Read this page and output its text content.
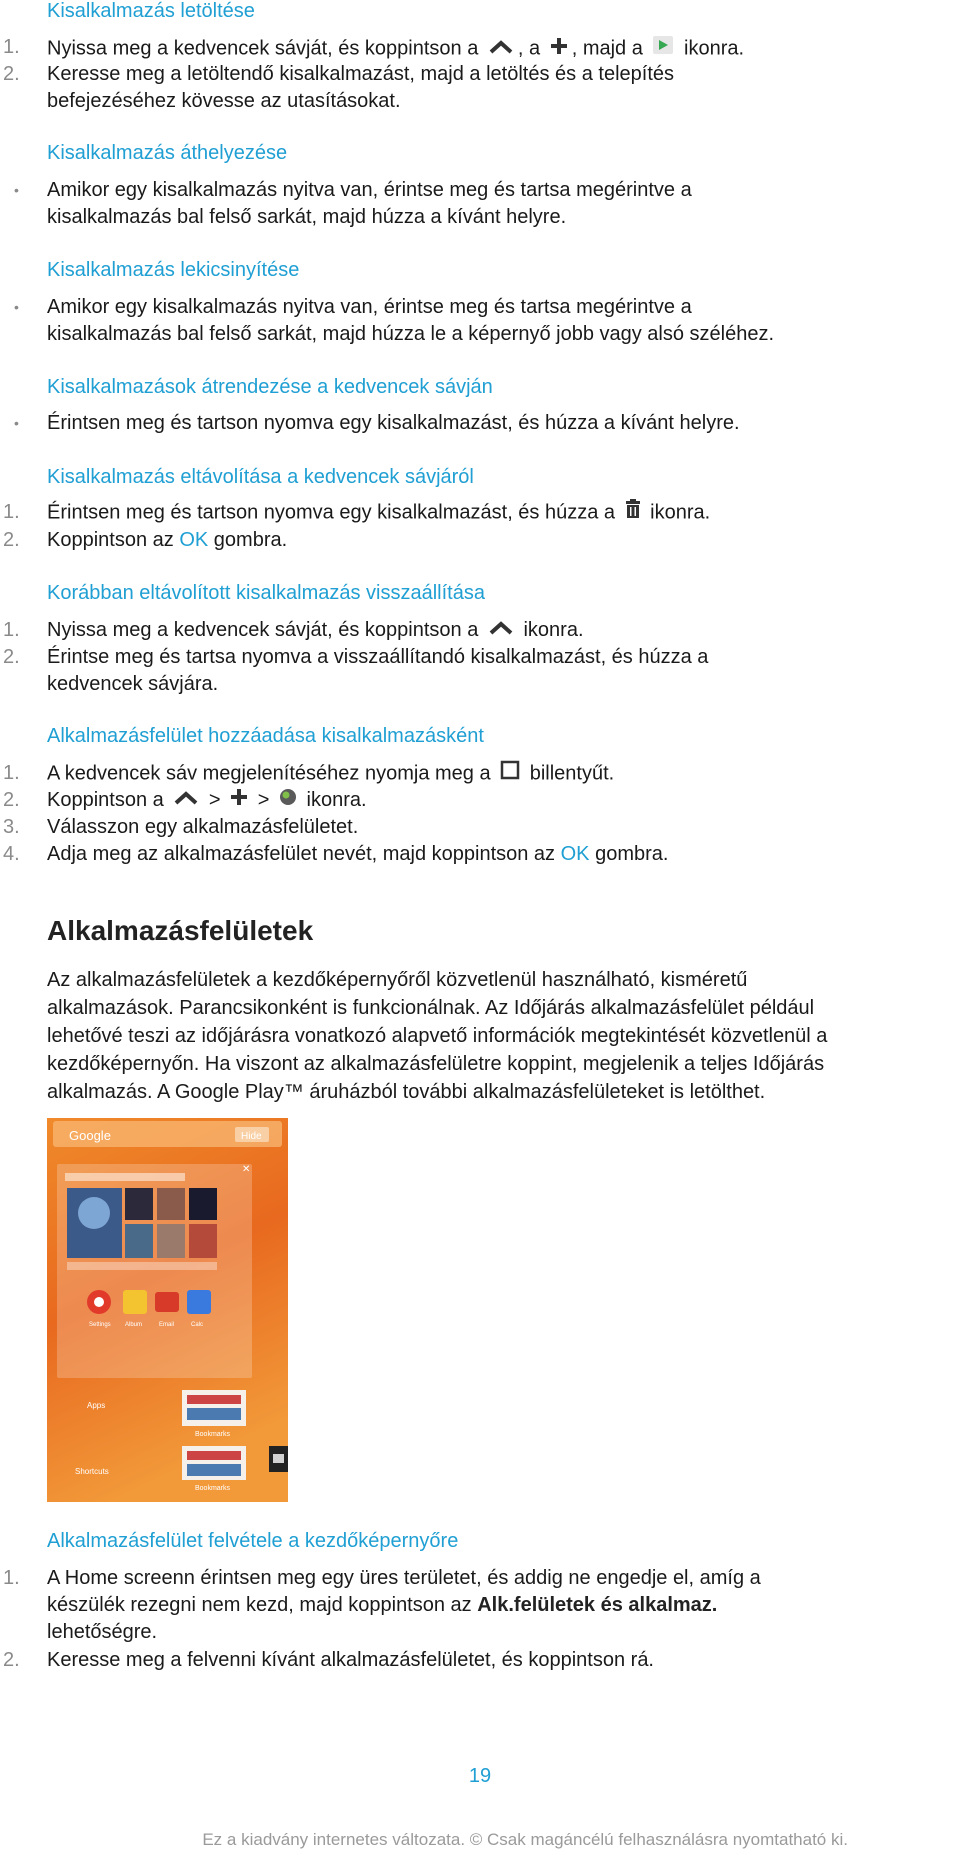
Kisalkalmazás letöltése
1. Nyissa meg a kedvencek sávját, és koppintson a , a , majd a ikonra.
2. Keresse meg a letöltendő kisalkalmazást, majd a letöltés és a telepítés
befejezéséhez kövesse az utasításokat.
Kisalkalmazás áthelyezése
• Amikor egy kisalkalmazás nyitva van, érintse meg és tartsa megérintve a
kisalkalmazás bal felső sarkát, majd húzza a kívánt helyre.
Kisalkalmazás lekicsinyítése
• Amikor egy kisalkalmazás nyitva van, érintse meg és tartsa megérintve a
kisalkalmazás bal felső sarkát, majd húzza le a képernyő jobb vagy alsó széléhez.
Kisalkalmazások átrendezése a kedvencek sávján
• Érintsen meg és tartson nyomva egy kisalkalmazást, és húzza a kívánt helyre.
Kisalkalmazás eltávolítása a kedvencek sávjáról
1. Érintsen meg és tartson nyomva egy kisalkalmazást, és húzza a ikonra.
2. Koppintson az OK gombra.
Korábban eltávolított kisalkalmazás visszaállítása
1. Nyissa meg a kedvencek sávját, és koppintson a ikonra.
2. Érintse meg és tartsa nyomva a visszaállítandó kisalkalmazást, és húzza a
kedvencek sávjára.
Alkalmazásfelület hozzáadása kisalkalmazásként
1. A kedvencek sáv megjelenítéséhez nyomja meg a billentyűt.
2. Koppintson a > > ikonra.
3. Válasszon egy alkalmazásfelületet.
4. Adja meg az alkalmazásfelület nevét, majd koppintson az OK gombra.
Alkalmazásfelületek
Az alkalmazásfelületek a kezdőképernyőről közvetlenül használható, kisméretű
alkalmazások. Parancsikonként is funkcionálnak. Az Időjárás alkalmazásfelület például
lehetővé teszi az időjárásra vonatkozó alapvető információk megtekintését közvetlenül a
kezdőképernyőn. Ha viszont az alkalmazásfelületre koppint, megjelenik a teljes Időjárás
alkalmazás. A Google Play™ áruházból további alkalmazásfelületeket is letölthet.
Google	Hide
✕
Settings Album	Email	Calc
Apps
Bookmarks
Shortcuts
Bookmarks
Alkalmazásfelület felvétele a kezdőképernyőre
1. A Home screenn érintsen meg egy üres területet, és addig ne engedje el, amíg a
készülék rezegni nem kezd, majd koppintson az Alk.felületek és alkalmaz.
lehetőségre.
2. Keresse meg a felvenni kívánt alkalmazásfelületet, és koppintson rá.
19
Ez a kiadvány internetes változata. © Csak magáncélú felhasználásra nyomtatható ki.
